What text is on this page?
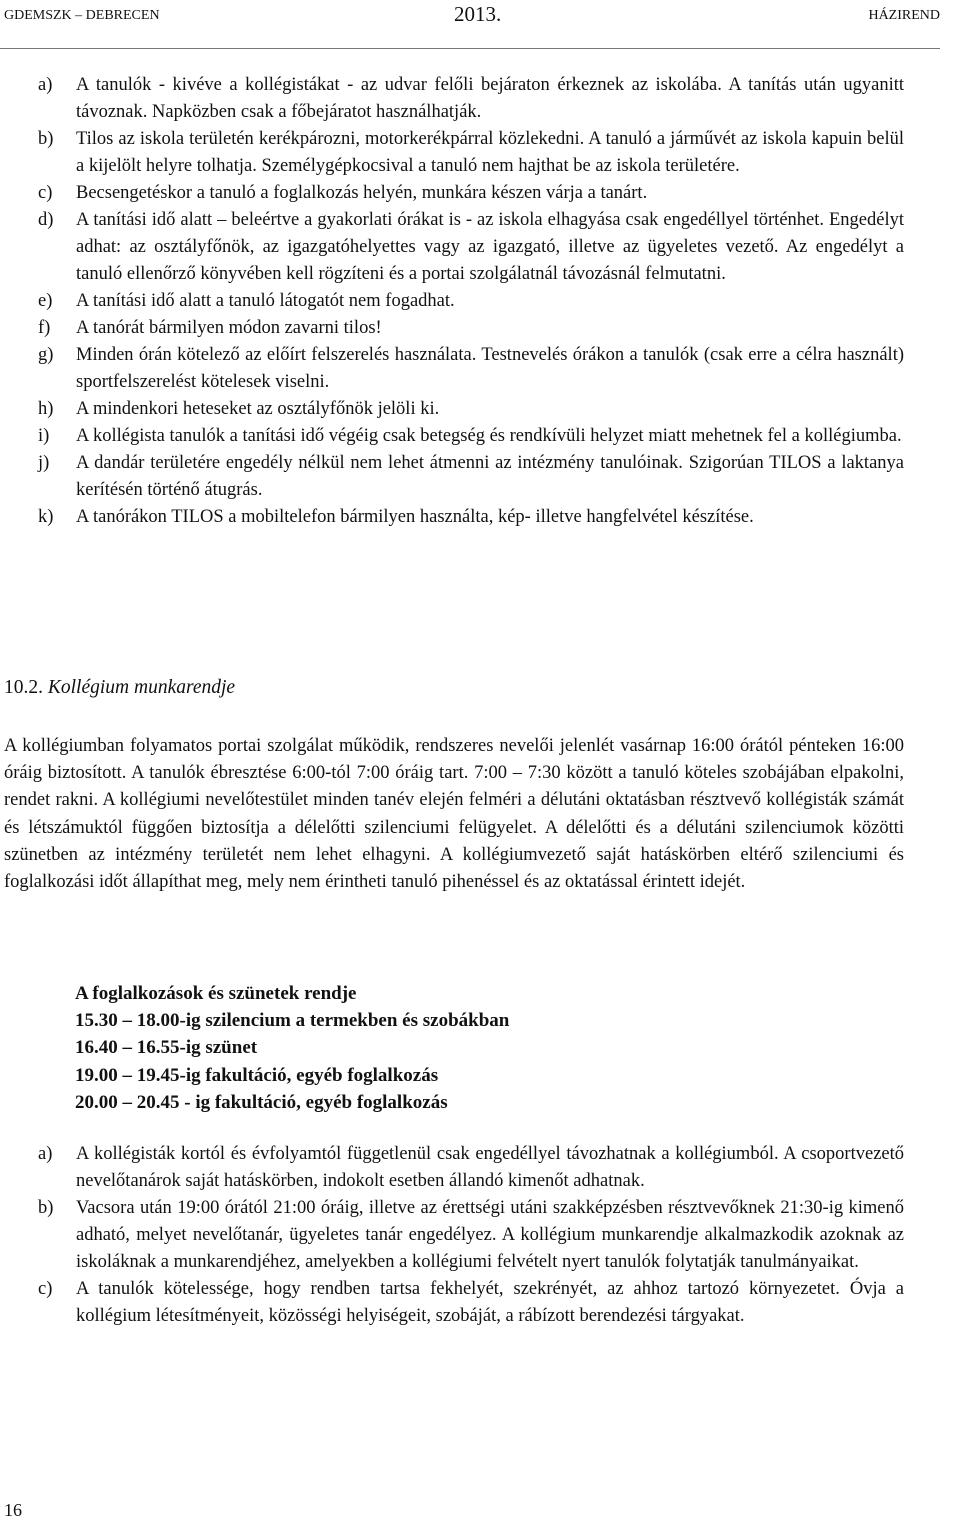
GDEMSZK – DEBRECEN	2013.	HÁZIREND
a) A tanulók - kivéve a kollégistákat - az udvar felőli bejáraton érkeznek az iskolába. A tanítás után ugyanitt távoznak. Napközben csak a főbejáratot használhatják.
b) Tilos az iskola területén kerékpározni, motorkerékpárral közlekedni. A tanuló a járművét az iskola kapuin belül a kijelölt helyre tolhatja. Személygépkocsival a tanuló nem hajthat be az iskola területére.
c) Becsengetéskor a tanuló a foglalkozás helyén, munkára készen várja a tanárt.
d) A tanítási idő alatt – beleértve a gyakorlati órákat is - az iskola elhagyása csak engedéllyel történhet. Engedélyt adhat: az osztályfőnök, az igazgatóhelyettes vagy az igazgató, illetve az ügyeletes vezető. Az engedélyt a tanuló ellenőrző könyvében kell rögzíteni és a portai szolgálatnál távozásnál felmutatni.
e) A tanítási idő alatt a tanuló látogatót nem fogadhat.
f) A tanórát bármilyen módon zavarni tilos!
g) Minden órán kötelező az előírt felszerelés használata. Testnevelés órákon a tanulók (csak erre a célra használt) sportfelszerelést kötelesek viselni.
h) A mindenkori heteseket az osztályfőnök jelöli ki.
i) A kollégista tanulók a tanítási idő végéig csak betegség és rendkívüli helyzet miatt mehetnek fel a kollégiumba.
j) A dandár területére engedély nélkül nem lehet átmenni az intézmény tanulóinak. Szigorúan TILOS a laktanya kerítésén történő átugrás.
k) A tanórákon TILOS a mobiltelefon bármilyen használta, kép- illetve hangfelvétel készítése.
10.2. Kollégium munkarendje
A kollégiumban folyamatos portai szolgálat működik, rendszeres nevelői jelenlét vasárnap 16:00 órától pénteken 16:00 óráig biztosított. A tanulók ébresztése 6:00-tól 7:00 óráig tart. 7:00 – 7:30 között a tanuló köteles szobájában elpakolni, rendet rakni. A kollégiumi nevelőtestület minden tanév elején felméri a délutáni oktatásban résztvevő kollégisták számát és létszámuktól függően biztosítja a délelőtti szilenciumi felügyelet. A délelőtti és a délutáni szilenciumok közötti szünetben az intézmény területét nem lehet elhagyni. A kollégiumvezető saját hatáskörben eltérő szilenciumi és foglalkozási időt állapíthat meg, mely nem érintheti tanuló pihenéssel és az oktatással érintett idejét.
A foglalkozások és szünetek rendje
15.30 – 18.00-ig szilencium a termekben és szobákban
16.40 – 16.55-ig szünet
19.00 – 19.45-ig fakultáció, egyéb foglalkozás
20.00 – 20.45 - ig fakultáció, egyéb foglalkozás
a) A kollégisták kortól és évfolyamtól függetlenül csak engedéllyel távozhatnak a kollégiumból. A csoportvezető nevelőtanárok saját hatáskörben, indokolt esetben állandó kimenőt adhatnak.
b) Vacsora után 19:00 órától 21:00 óráig, illetve az érettségi utáni szakképzésben résztvevőknek 21:30-ig kimenő adható, melyet nevelőtanár, ügyeletes tanár engedélyez. A kollégium munkarendje alkalmazkodik azoknak az iskoláknak a munkarendjéhez, amelyekben a kollégiumi felvételt nyert tanulók folytatják tanulmányaikat.
c) A tanulók kötelessége, hogy rendben tartsa fekhelyét, szekrényét, az ahhoz tartozó környezetet. Óvja a kollégium létesítményeit, közösségi helyiségeit, szobáját, a rábízott berendezési tárgyakat.
16
